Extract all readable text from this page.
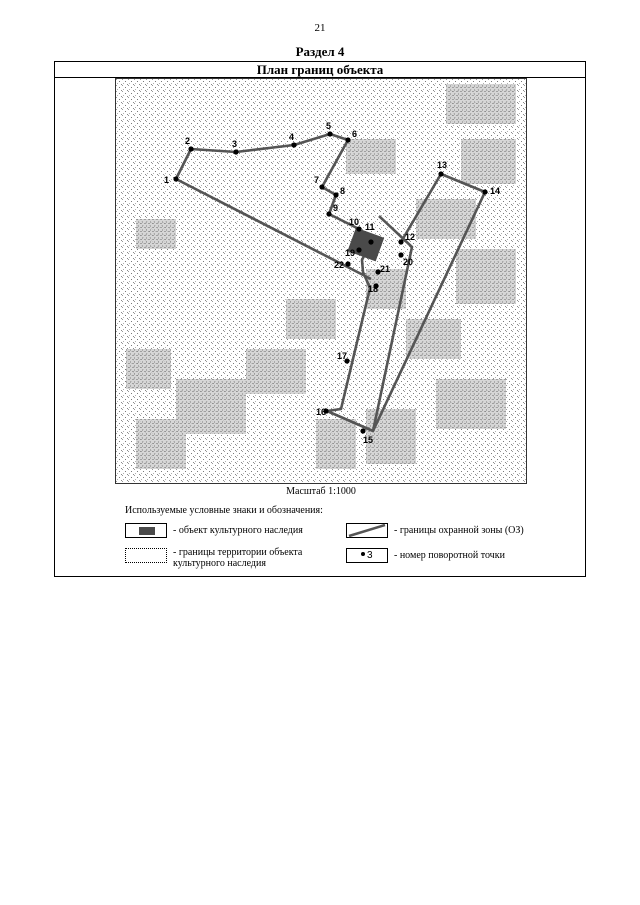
21
Раздел 4
План границ объекта
1
2	3
4
5
6
7
8
9
10 11
12
13
14
15
16
17
18
19
20
21
22
Масштаб 1:1000
Используемые условные знаки и обозначения:
- объект культурного наследия
- границы территории объекта культурного наследия
- границы охранной зоны (ОЗ)
3 - номер поворотной точки
